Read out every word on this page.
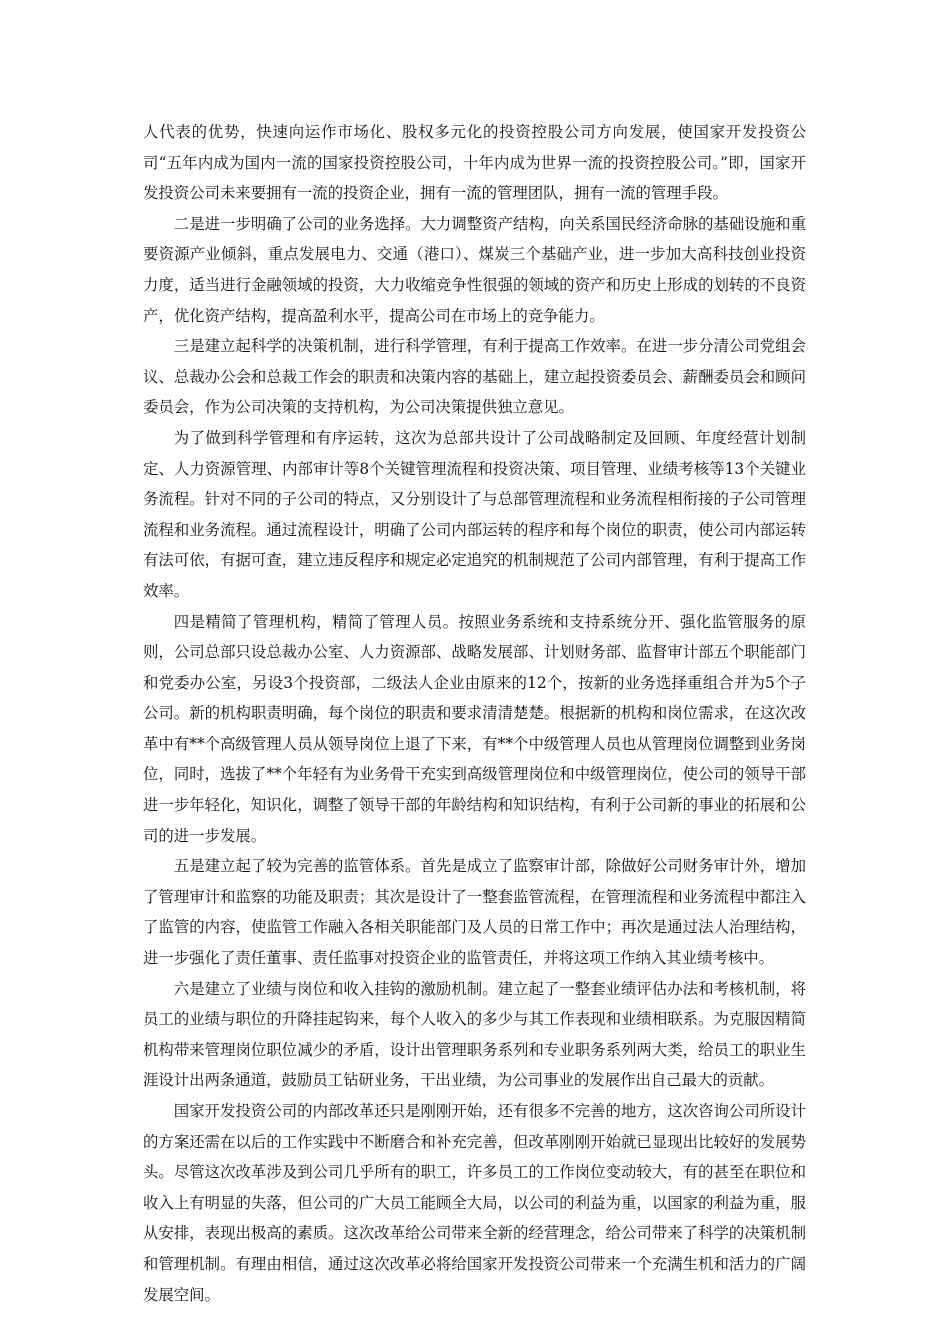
人代表的优势，快速向运作市场化、股权多元化的投资控股公司方向发展，使国家开发投资公司“五年内成为国内一流的国家投资控股公司，十年内成为世界一流的投资控股公司。”即，国家开发投资公司未来要拥有一流的投资企业，拥有一流的管理团队，拥有一流的管理手段。

二是进一步明确了公司的业务选择。大力调整资产结构，向关系国民经济命脉的基础设施和重要资源产业倾斜，重点发展电力、交通（港口）、煤炭三个基础产业，进一步加大高科技创业投资力度，适当进行金融领域的投资，大力收缩竞争性很强的领域的资产和历史上形成的划转的不良资产，优化资产结构，提高盈利水平，提高公司在市场上的竞争能力。

三是建立起科学的决策机制，进行科学管理，有利于提高工作效率。在进一步分清公司党组会议、总裁办公会和总裁工作会的职责和决策内容的基础上，建立起投资委员会、薪酬委员会和顾问委员会，作为公司决策的支持机构，为公司决策提供独立意见。

为了做到科学管理和有序运转，这次为总部共设计了公司战略制定及回顾、年度经营计划制定、人力资源管理、内部审计等8个关键管理流程和投资决策、项目管理、业绩考核等13个关键业务流程。针对不同的子公司的特点，又分别设计了与总部管理流程和业务流程相衔接的子公司管理流程和业务流程。通过流程设计，明确了公司内部运转的程序和每个岗位的职责，使公司内部运转有法可依，有据可查，建立违反程序和规定必定追究的机制规范了公司内部管理，有利于提高工作效率。

四是精简了管理机构，精简了管理人员。按照业务系统和支持系统分开、强化监管服务的原则，公司总部只设总裁办公室、人力资源部、战略发展部、计划财务部、监督审计部五个职能部门和党委办公室，另设3个投资部，二级法人企业由原来的12个，按新的业务选择重组合并为5个子公司。新的机构职责明确，每个岗位的职责和要求清清楚楚。根据新的机构和岗位需求，在这次改革中有**个高级管理人员从领导岗位上退了下来，有**个中级管理人员也从管理岗位调整到业务岗位，同时，选拔了**个年轻有为业务骨干充实到高级管理岗位和中级管理岗位，使公司的领导干部进一步年轻化，知识化，调整了领导干部的年龄结构和知识结构，有利于公司新的事业的拓展和公司的进一步发展。

五是建立起了较为完善的监管体系。首先是成立了监察审计部，除做好公司财务审计外，增加了管理审计和监察的功能及职责；其次是设计了一整套监管流程，在管理流程和业务流程中都注入了监管的内容，使监管工作融入各相关职能部门及人员的日常工作中；再次是通过法人治理结构，进一步强化了责任董事、责任监事对投资企业的监管责任，并将这项工作纳入其业绩考核中。

六是建立了业绩与岗位和收入挂钩的激励机制。建立起了一整套业绩评估办法和考核机制，将员工的业绩与职位的升降挂起钩来，每个人收入的多少与其工作表现和业绩相联系。为克服因精简机构带来管理岗位职位减少的矛盾，设计出管理职务系列和专业职务系列两大类，给员工的职业生涯设计出两条通道，鼓励员工钻研业务，干出业绩，为公司事业的发展作出自己最大的贡献。

国家开发投资公司的内部改革还只是刚刚开始，还有很多不完善的地方，这次咨询公司所设计的方案还需在以后的工作实践中不断磨合和补充完善，但改革刚刚开始就已显现出比较好的发展势头。尽管这次改革涉及到公司几乎所有的职工，许多员工的工作岗位变动较大，有的甚至在职位和收入上有明显的失落，但公司的广大员工能顾全大局，以公司的利益为重，以国家的利益为重，服从安排，表现出极高的素质。这次改革给公司带来全新的经营理念，给公司带来了科学的决策机制和管理机制。有理由相信，通过这次改革必将给国家开发投资公司带来一个充满生机和活力的广阔发展空间。
